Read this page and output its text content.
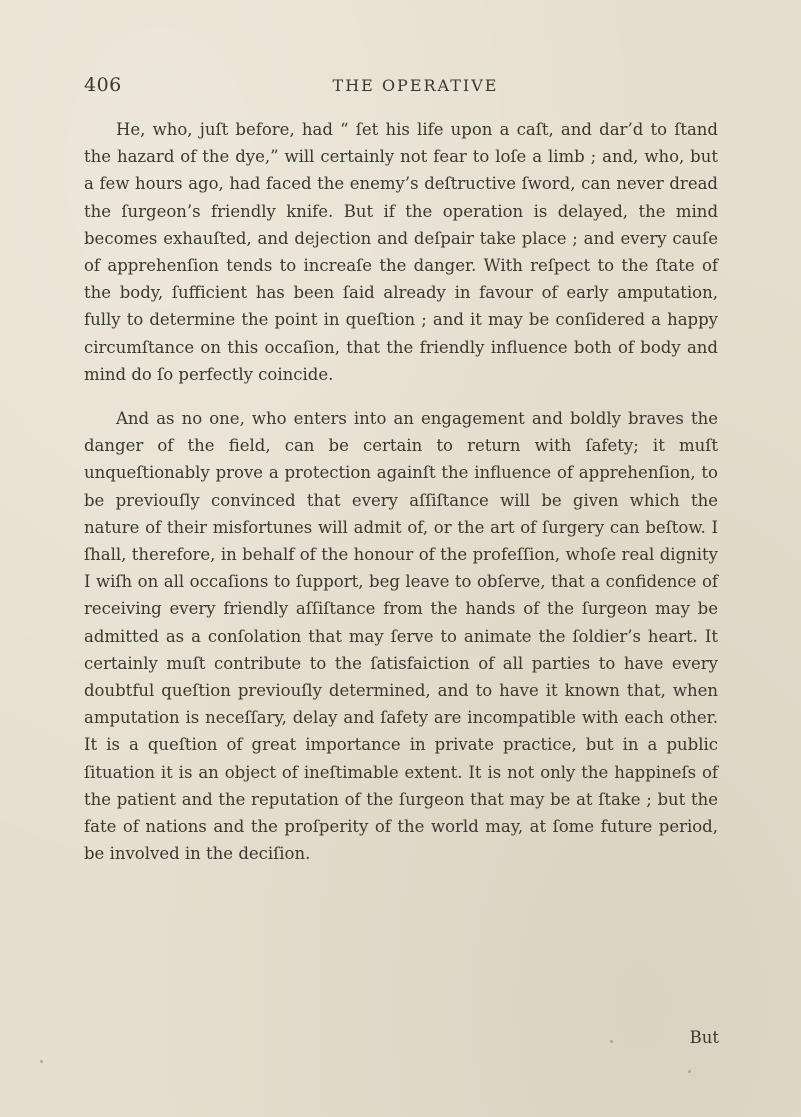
406	THE OPERATIVE

He, who, juſt before, had “ ſet his life upon a caſt, and dar’d to ſtand the hazard of the dye,” will certainly not fear to loſe a limb ; and, who, but a few hours ago, had faced the enemy’s deſtructive ſword, can never dread the ſurgeon’s friendly knife. But if the operation is delayed, the mind becomes exhauſted, and dejection and deſpair take place ; and every cauſe of apprehenſion tends to increaſe the danger. With reſpect to the ſtate of the body, ſufficient has been ſaid already in favour of early amputation, fully to determine the point in queſtion ; and it may be conſidered a happy circumſtance on this occaſion, that the friendly influence both of body and mind do ſo perfectly coincide.

And as no one, who enters into an engagement and boldly braves the danger of the field, can be certain to return with ſafety; it muſt unqueſtionably prove a protection againſt the influence of apprehenſion, to be previouſly convinced that every aſſiſtance will be given which the nature of their misfortunes will admit of, or the art of ſurgery can beſtow. I ſhall, therefore, in behalf of the honour of the profeſſion, whoſe real dignity I wiſh on all occaſions to ſupport, beg leave to obſerve, that a confidence of receiving every friendly aſſiſtance from the hands of the ſurgeon may be admitted as a conſolation that may ſerve to animate the ſoldier’s heart. It certainly muſt contribute to the ſatisfaiction of all parties to have every doubtful queſtion previouſly determined, and to have it known that, when amputation is neceſſary, delay and ſafety are incompatible with each other. It is a queſtion of great importance in private practice, but in a public ſituation it is an object of ineſtimable extent. It is not only the happineſs of the patient and the reputation of the ſurgeon that may be at ſtake ; but the fate of nations and the proſperity of the world may, at ſome future period, be involved in the deciſion.

But
